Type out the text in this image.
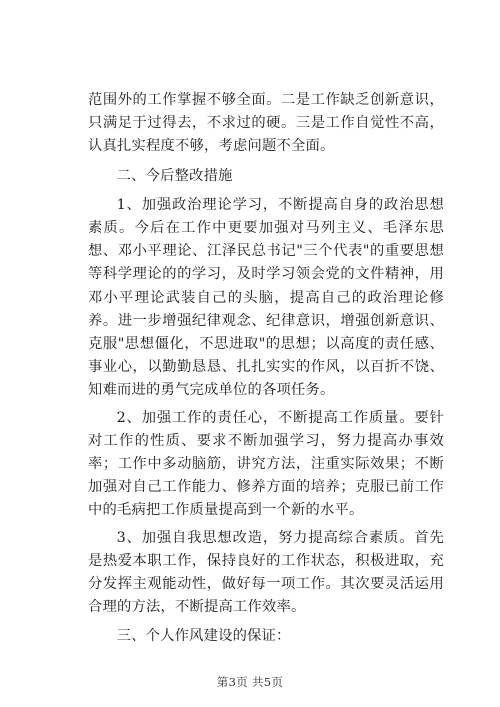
范围外的工作掌握不够全面。二是工作缺乏创新意识，只满足于过得去，不求过的硬。三是工作自觉性不高，认真扎实程度不够，考虑问题不全面。

二、今后整改措施

1、加强政治理论学习，不断提高自身的政治思想素质。今后在工作中更要加强对马列主义、毛泽东思想、邓小平理论、江泽民总书记"三个代表"的重要思想等科学理论的的学习，及时学习领会党的文件精神，用邓小平理论武装自己的头脑，提高自己的政治理论修养。进一步增强纪律观念、纪律意识，增强创新意识、克服"思想僵化，不思进取"的思想；以高度的责任感、事业心，以勤勤恳恳、扎扎实实的作风，以百折不饶、知难而进的勇气完成单位的各项任务。

2、加强工作的责任心，不断提高工作质量。要针对工作的性质、要求不断加强学习，努力提高办事效率；工作中多动脑筋，讲究方法，注重实际效果；不断加强对自己工作能力、修养方面的培养；克服已前工作中的毛病把工作质量提高到一个新的水平。

3、加强自我思想改造，努力提高综合素质。首先是热爱本职工作，保持良好的工作状态，积极进取，充分发挥主观能动性，做好每一项工作。其次要灵活运用合理的方法，不断提高工作效率。

三、个人作风建设的保证：

第3页 共5页
